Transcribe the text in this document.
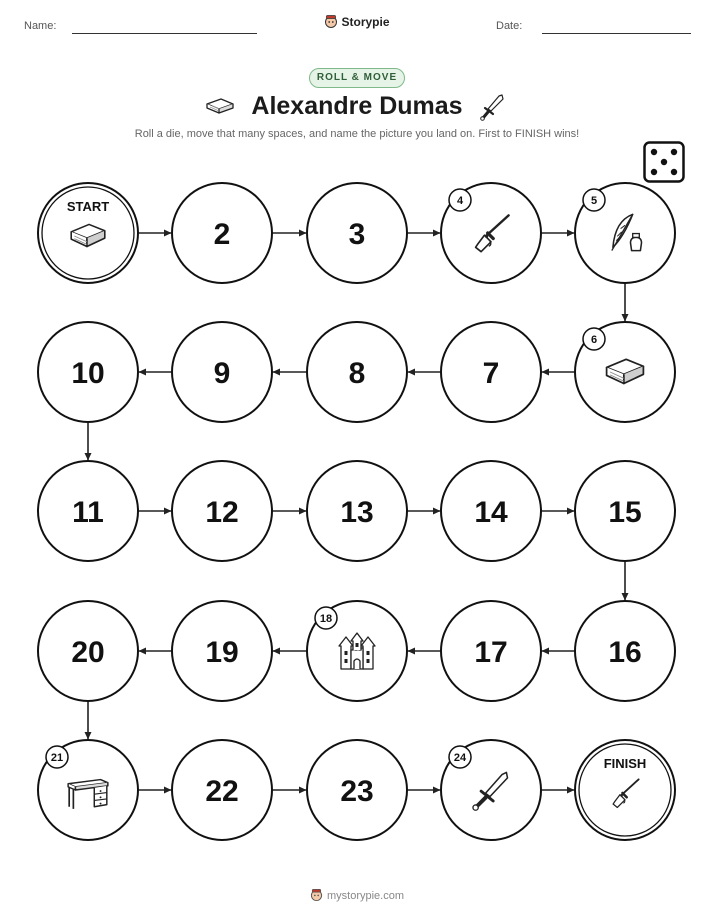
Name:	Storypie	Date:
ROLL & MOVE
Alexandre Dumas
Roll a die, move that many spaces, and name the picture you land on. First to FINISH wins!
START
2	3
4	5
6
7
8
9
10
11	12	13	14	15
16
17
18
19
20
21
22	23
24	FINISH
mystorypie.com
